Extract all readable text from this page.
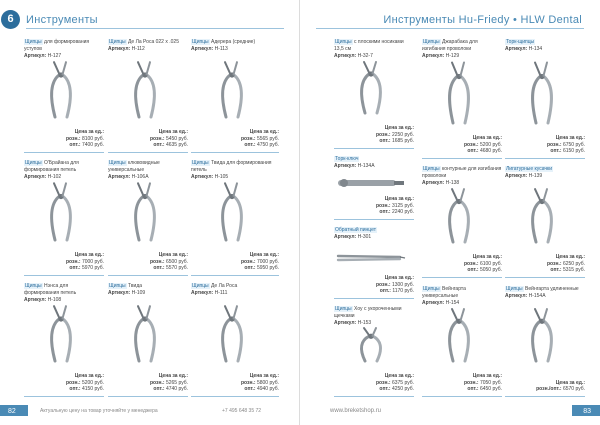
6	Инструменты
Щипцы для формирования уступов
Артикул: H-127
Цена за ед.:
розн.: 8100 руб.
опт.: 7400 руб.
Щипцы Де Ла Роса 022 х .025
Артикул: H-112
Цена за ед.:
розн.: 5450 руб.
опт.: 4635 руб.
Щипцы Адерера (средние)
Артикул: H-113
Цена за ед.:
розн.: 5565 руб.
опт.: 4750 руб.
Щипцы О'Брайана для формирования петель
Артикул: H-102
Цена за ед.:
розн.: 7000 руб.
опт.: 5970 руб.
Щипцы клювовидные универсальные
Артикул: H-106A
Цена за ед.:
розн.: 6500 руб.
опт.: 5570 руб.
Щипцы Твида для формирования петель
Артикул: H-105
Цена за ед.:
розн.: 7000 руб.
опт.: 5950 руб.
Щипцы Нэнса для формирования петель
Артикул: H-108
Цена за ед.:
розн.: 5200 руб.
опт.: 4150 руб.
Щипцы Твида
Артикул: H-109
Цена за ед.:
розн.: 5265 руб.
опт.: 4740 руб.
Щипцы Де Ла Роса
Артикул: H-111
Цена за ед.:
розн.: 5800 руб.
опт.: 4940 руб.
82	Актуальную цену на товар уточняйте у менеджера	+7 495 648 35 72
Инструменты Hu-Friedy • HLW Dental
Щипцы с плоскими носиками 13,5 см
Артикул: H-32-7
Цена за ед.:
розн.: 2250 руб.
опт.: 1685 руб.
Щипцы Джарабака для изгибания проволоки
Артикул: H-129
Цена за ед.:
розн.: 5200 руб.
опт.: 4680 руб.
Торк-щипцы
Артикул: H-134
Цена за ед.:
розн.: 6750 руб.
опт.: 6150 руб.
Торк-ключ
Артикул: H-134A
Цена за ед.:
розн.: 3125 руб.
опт.: 2240 руб.
Щипцы контурные для изгибания проволоки
Артикул: H-138
Цена за ед.:
розн.: 6100 руб.
опт.: 5050 руб.
Лигатурные кусачки
Артикул: H-139
Цена за ед.:
розн.: 6250 руб.
опт.: 5315 руб.
Обратный пинцет
Артикул: H-301
Цена за ед.:
розн.: 1300 руб.
опт.: 1170 руб. Щипцы Вейнгарта универсальные
Артикул: H-154
Цена за ед.:
розн.: 7050 руб.
опт.: 6450 руб.
Щипцы Вейнгарта удлиненные
Артикул: H-154A
Цена за ед.:
розн./опт.: 6570 руб.
Щипцы Хоу с укороченными щечками
Артикул: H-153
Цена за ед.:
розн.: 6375 руб.
опт.: 4250 руб.
www.breketshop.ru	83
